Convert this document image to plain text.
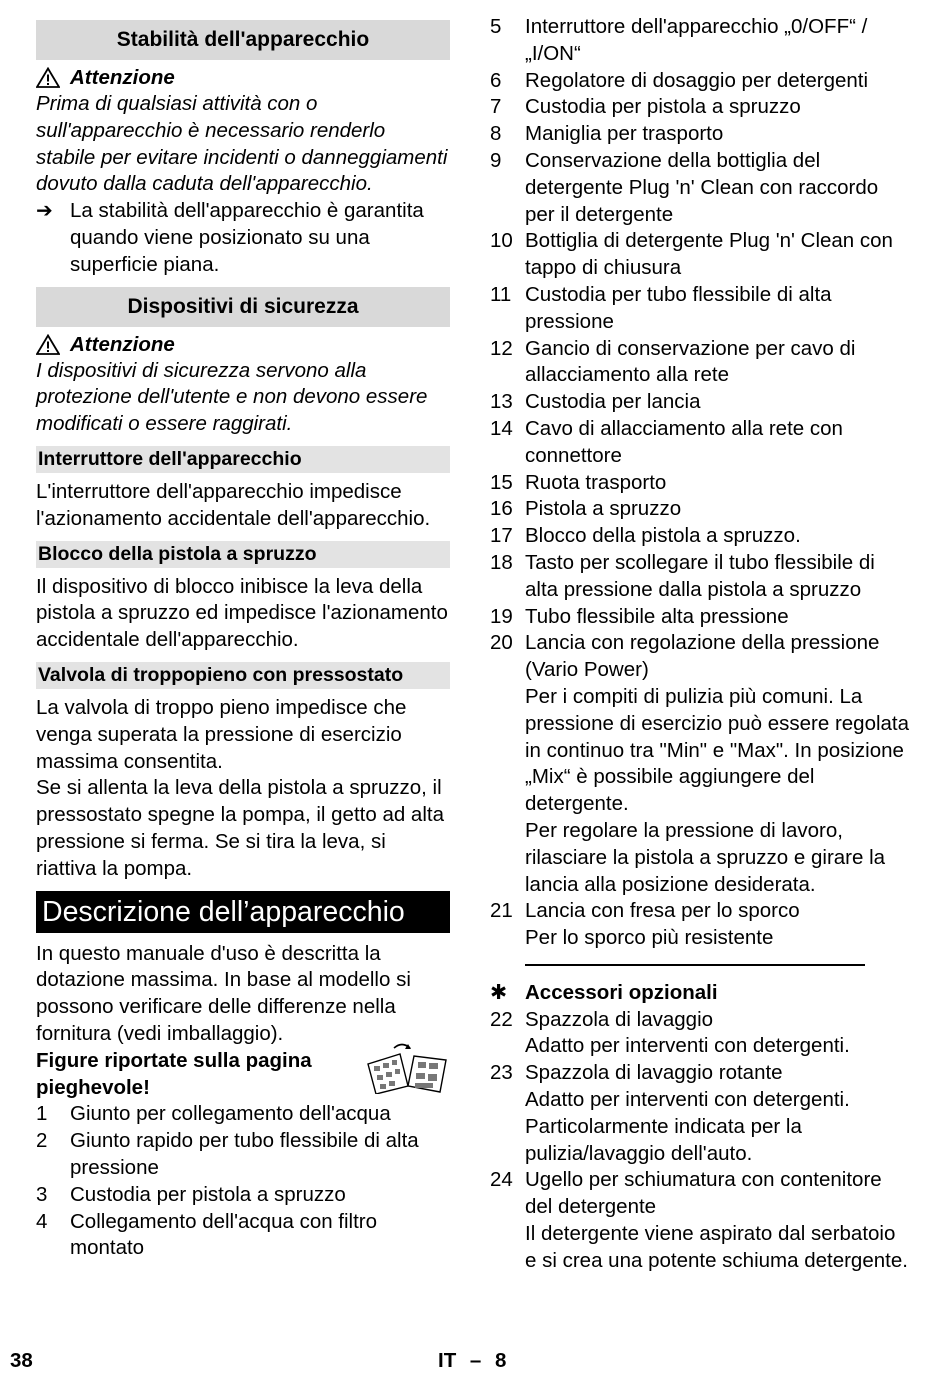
Stabilità dell'apparecchio
Attenzione

Prima di qualsiasi attività con o sull'apparecchio è necessario renderlo stabile per evitare incidenti o danneggiamenti dovuto dalla caduta dell'apparecchio.

➔ La stabilità dell'apparecchio è garantita quando viene posizionato su una superficie piana.

Dispositivi di sicurezza
Attenzione

I dispositivi di sicurezza servono alla protezione dell'utente e non devono essere modificati o essere raggirati.

Interruttore dell'apparecchio

L'interruttore dell'apparecchio impedisce l'azionamento accidentale dell'apparecchio.

Blocco della pistola a spruzzo

Il dispositivo di blocco inibisce la leva della pistola a spruzzo ed impedisce l'azionamento accidentale dell'apparecchio.

Valvola di troppopieno con pressostato

La valvola di troppo pieno impedisce che venga superata la pressione di esercizio massima consentita.

Se si allenta la leva della pistola a spruzzo, il pressostato spegne la pompa, il getto ad alta pressione si ferma. Se si tira la leva, si riattiva la pompa.

Descrizione dell’apparecchio

In questo manuale d'uso è descritta la dotazione massima. In base al modello si possono verificare delle differenze nella fornitura (vedi imballaggio).

Figure riportate sulla pagina pieghevole!
1	Giunto per collegamento dell'acqua
2	Giunto rapido per tubo flessibile di alta pressione
3	Custodia per pistola a spruzzo
4	Collegamento dell'acqua con filtro montato
5	Interruttore dell'apparecchio „0/OFF“ / „I/ON“
6	Regolatore di dosaggio per detergenti
7	Custodia per pistola a spruzzo
8	Maniglia per trasporto
9	Conservazione della bottiglia del detergente Plug 'n' Clean con raccordo per il detergente
10 Bottiglia di detergente Plug 'n' Clean con tappo di chiusura
11 Custodia per tubo flessibile di alta pressione
12 Gancio di conservazione per cavo di allacciamento alla rete
13 Custodia per lancia
14 Cavo di allacciamento alla rete con connettore
15 Ruota trasporto
16 Pistola a spruzzo
17 Blocco della pistola a spruzzo.
18 Tasto per scollegare il tubo flessibile di alta pressione dalla pistola a spruzzo
19 Tubo flessibile alta pressione
20 Lancia con regolazione della pressione (Vario Power)
Per i compiti di pulizia più comuni. La pressione di esercizio può essere regolata in continuo tra "Min" e "Max". In posizione „Mix“ è possibile aggiungere del detergente.
Per regolare la pressione di lavoro, rilasciare la pistola a spruzzo e girare la lancia alla posizione desiderata.
21 Lancia con fresa per lo sporco
Per lo sporco più resistente
✱ Accessori opzionali
22 Spazzola di lavaggio
Adatto per interventi con detergenti.
23 Spazzola di lavaggio rotante
Adatto per interventi con detergenti. Particolarmente indicata per la pulizia/lavaggio dell'auto.
24 Ugello per schiumatura con contenitore del detergente
Il detergente viene aspirato dal serbatoio e si crea una potente schiuma detergente.
38	IT – 8
